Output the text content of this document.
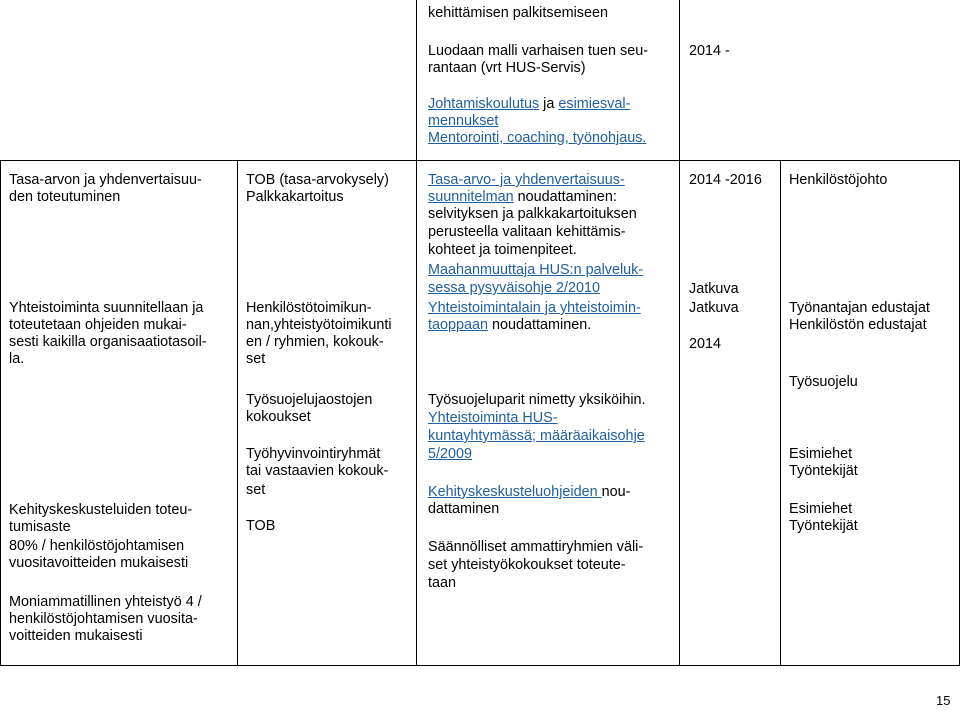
kehittämisen palkitsemiseen
Luodaan malli varhaisen tuen seu-
rantaan (vrt HUS-Servis)
Johtamiskoulutus ja esimiesval-
mennukset
Mentorointi, coaching, työnohjaus.
2014 -
Tasa-arvon ja yhdenvertaisuu-
den toteutuminen
Yhteistoiminta suunnitellaan ja
toteutetaan ohjeiden mukai-
sesti kaikilla organisaatiotasoil-
la.
Kehityskeskusteluiden toteu-
tumisaste
80% / henkilöstöjohtamisen
vuositavoitteiden mukaisesti
Moniammatillinen yhteistyö 4 /
henkilöstöjohtamisen vuosita-
voitteiden mukaisesti
TOB (tasa-arvokysely)
Palkkakartoitus
Henkilöstötoimikun-
nan,yhteistyötoimikunti
en / ryhmien, kokouk-
set
Työsuojelujaostojen
kokoukset
Työhyvinvointiryhmät
tai vastaavien kokouk-
set
TOB
Tasa-arvo- ja yhdenvertaisuus-
suunnitelman noudattaminen:
selvityksen ja palkkakartoituksen
perusteella valitaan kehittämis-
kohteet ja toimenpiteet.
Maahanmuuttaja HUS:n palveluk-
sessa pysyväisohje 2/2010
Yhteistoimintalain ja yhteistoimin-
taoppaan noudattaminen.
Työsuojeluparit nimetty yksiköihin.
Yhteistoiminta HUS-
kuntayhtymässä; määräaikaisohje
5/2009
Kehityskeskusteluohjeiden nou-
dattaminen
Säännölliset ammattiryhmien väli-
set yhteistyökokoukset toteute-
taan
2014 -2016
Jatkuva
Jatkuva
2014
Henkilöstöjohto
Työnantajan edustajat
Henkilöstön edustajat
Työsuojelu
Esimiehet
Työntekijät
Esimiehet
Työntekijät
15
